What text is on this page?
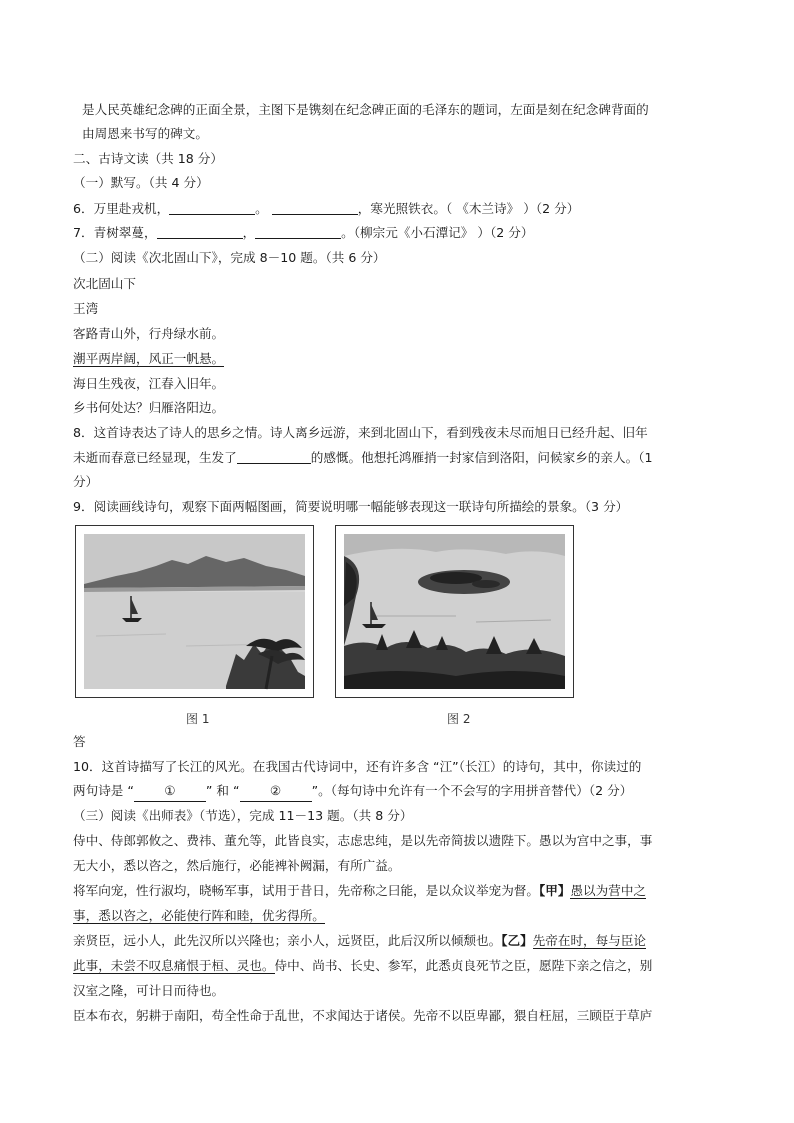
是人民英雄纪念碑的正面全景，主图下是镌刻在纪念碑正面的毛泽东的题词，左面是刻在纪念碑背面的
由周恩来书写的碑文。
二、古诗文读（共 18 分）
（一）默写。（共 4 分）
6．万里赴戎机，	。	，寒光照铁衣。（ 《木兰诗》 ）（2 分）
7．青树翠蔓，	，	。（柳宗元《小石潭记》 ）（2 分）
（二）阅读《次北固山下》，完成 8－10 题。（共 6 分）
次北固山下
王湾
客路青山外，行舟绿水前。
潮平两岸阔，风正一帆悬。
海日生残夜，江春入旧年。
乡书何处达？归雁洛阳边。
8．这首诗表达了诗人的思乡之情。诗人离乡远游，来到北固山下，看到残夜未尽而旭日已经升起、旧年
未逝而春意已经显现，生发了	的感慨。他想托鸿雁捎一封家信到洛阳，问候家乡的亲人。（1
分）
9．阅读画线诗句，观察下面两幅图画，简要说明哪一幅能够表现这一联诗句所描绘的景象。（3 分）
图 1	图 2
答
10．这首诗描写了长江的风光。在我国古代诗词中，还有许多含 “江”（长江）的诗句，其中，你读过的
两句诗是 “ ① ” 和 “ ② ”。（每句诗中允许有一个不会写的字用拼音替代）（2 分）
（三）阅读《出师表》（节选），完成 11－13 题。（共 8 分）
侍中、侍郎郭攸之、费祎、董允等，此皆良实，志虑忠纯，是以先帝简拔以遗陛下。愚以为宫中之事，事
无大小，悉以咨之，然后施行，必能裨补阙漏，有所广益。
将军向宠，性行淑均，晓畅军事，试用于昔日，先帝称之曰能，是以众议举宠为督。【甲】愚以为营中之
事，悉以咨之，必能使行阵和睦，优劣得所。
亲贤臣，远小人，此先汉所以兴隆也；亲小人，远贤臣，此后汉所以倾颓也。【乙】先帝在时，每与臣论
此事，未尝不叹息痛恨于桓、灵也。侍中、尚书、长史、参军，此悉贞良死节之臣，愿陛下亲之信之，别
汉室之隆，可计日而待也。
臣本布衣，躬耕于南阳，苟全性命于乱世，不求闻达于诸侯。先帝不以臣卑鄙，猥自枉屈，三顾臣于草庐
